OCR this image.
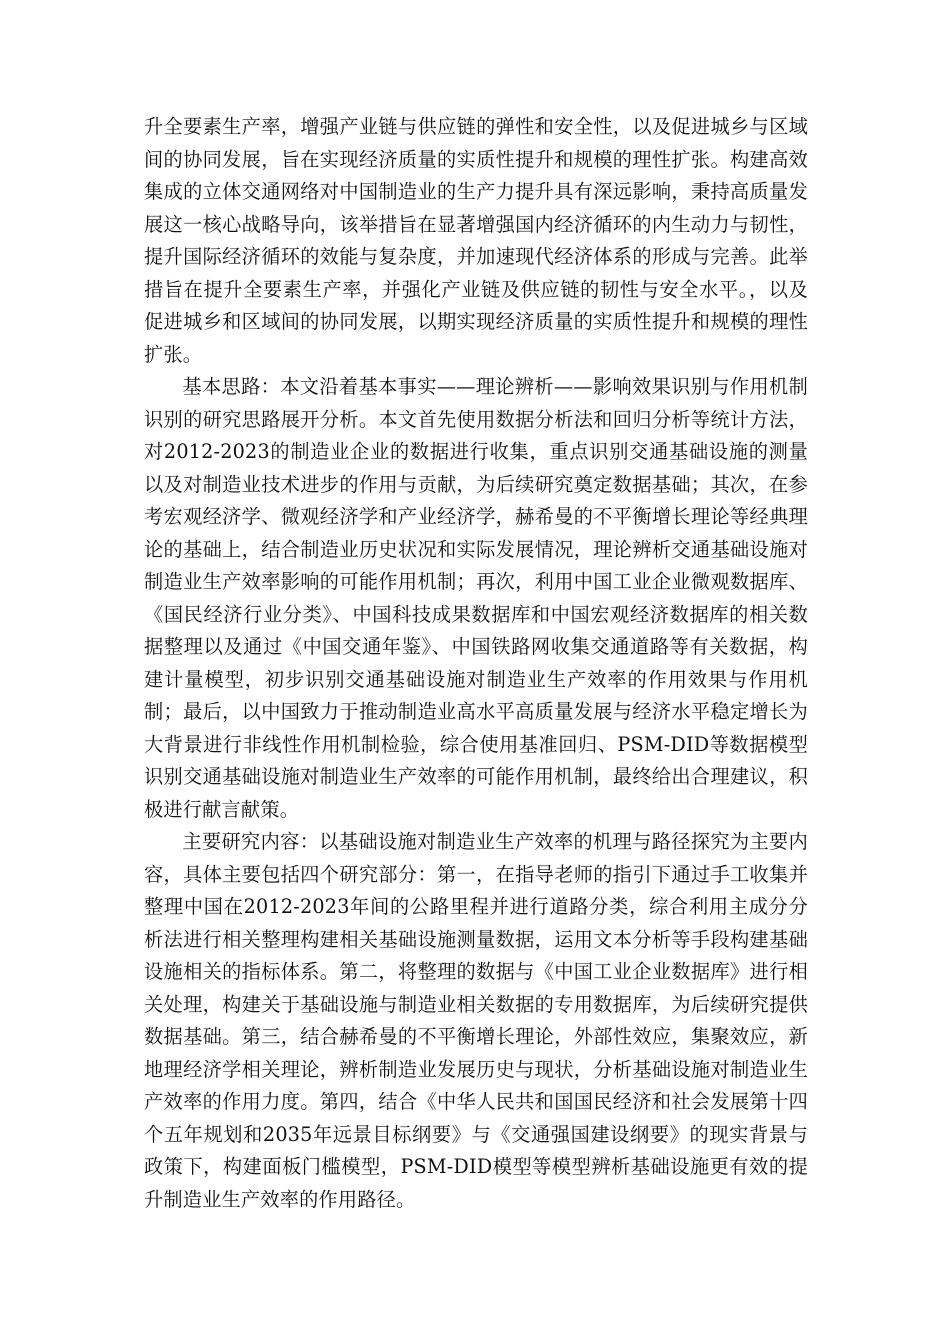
升全要素生产率，增强产业链与供应链的弹性和安全性，以及促进城乡与区域间的协同发展，旨在实现经济质量的实质性提升和规模的理性扩张。构建高效集成的立体交通网络对中国制造业的生产力提升具有深远影响，秉持高质量发展这一核心战略导向，该举措旨在显著增强国内经济循环的内生动力与韧性，提升国际经济循环的效能与复杂度，并加速现代经济体系的形成与完善。此举措旨在提升全要素生产率，并强化产业链及供应链的韧性与安全水平。，以及促进城乡和区域间的协同发展，以期实现经济质量的实质性提升和规模的理性扩张。

基本思路：本文沿着基本事实——理论辨析——影响效果识别与作用机制识别的研究思路展开分析。本文首先使用数据分析法和回归分析等统计方法，对2012-2023的制造业企业的数据进行收集，重点识别交通基础设施的测量以及对制造业技术进步的作用与贡献，为后续研究奠定数据基础；其次，在参考宏观经济学、微观经济学和产业经济学，赫希曼的不平衡增长理论等经典理论的基础上，结合制造业历史状况和实际发展情况，理论辨析交通基础设施对制造业生产效率影响的可能作用机制；再次，利用中国工业企业微观数据库、《国民经济行业分类》、中国科技成果数据库和中国宏观经济数据库的相关数据整理以及通过《中国交通年鉴》、中国铁路网收集交通道路等有关数据，构建计量模型，初步识别交通基础设施对制造业生产效率的作用效果与作用机制；最后，以中国致力于推动制造业高水平高质量发展与经济水平稳定增长为大背景进行非线性作用机制检验，综合使用基准回归、PSM-DID等数据模型识别交通基础设施对制造业生产效率的可能作用机制，最终给出合理建议，积极进行献言献策。

主要研究内容：以基础设施对制造业生产效率的机理与路径探究为主要内容，具体主要包括四个研究部分：第一，在指导老师的指引下通过手工收集并整理中国在2012-2023年间的公路里程并进行道路分类，综合利用主成分分析法进行相关整理构建相关基础设施测量数据，运用文本分析等手段构建基础设施相关的指标体系。第二，将整理的数据与《中国工业企业数据库》进行相关处理，构建关于基础设施与制造业相关数据的专用数据库，为后续研究提供数据基础。第三，结合赫希曼的不平衡增长理论，外部性效应，集聚效应，新地理经济学相关理论，辨析制造业发展历史与现状，分析基础设施对制造业生产效率的作用力度。第四，结合《中华人民共和国国民经济和社会发展第十四个五年规划和2035年远景目标纲要》与《交通强国建设纲要》的现实背景与政策下，构建面板门槛模型，PSM-DID模型等模型辨析基础设施更有效的提升制造业生产效率的作用路径。
